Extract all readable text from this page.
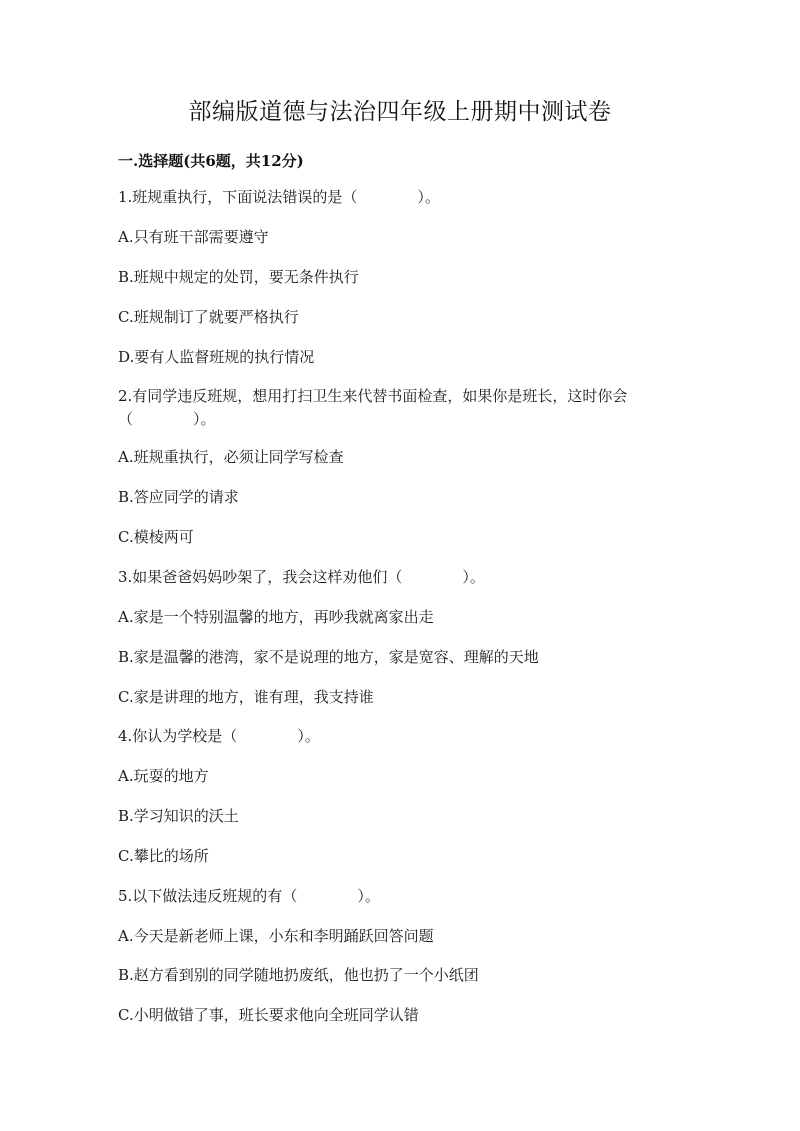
部编版道德与法治四年级上册期中测试卷
一.选择题(共6题，共12分)
1.班规重执行，下面说法错误的是（　　　　）。
A.只有班干部需要遵守
B.班规中规定的处罚，要无条件执行
C.班规制订了就要严格执行
D.要有人监督班规的执行情况
2.有同学违反班规，想用打扫卫生来代替书面检查，如果你是班长，这时你会（　　　　）。
A.班规重执行，必须让同学写检查
B.答应同学的请求
C.模棱两可
3.如果爸爸妈妈吵架了，我会这样劝他们（　　　　）。
A.家是一个特别温馨的地方，再吵我就离家出走
B.家是温馨的港湾，家不是说理的地方，家是宽容、理解的天地
C.家是讲理的地方，谁有理，我支持谁
4.你认为学校是（　　　　）。
A.玩耍的地方
B.学习知识的沃土
C.攀比的场所
5.以下做法违反班规的有（　　　　）。
A.今天是新老师上课，小东和李明踊跃回答问题
B.赵方看到别的同学随地扔废纸，他也扔了一个小纸团
C.小明做错了事，班长要求他向全班同学认错
